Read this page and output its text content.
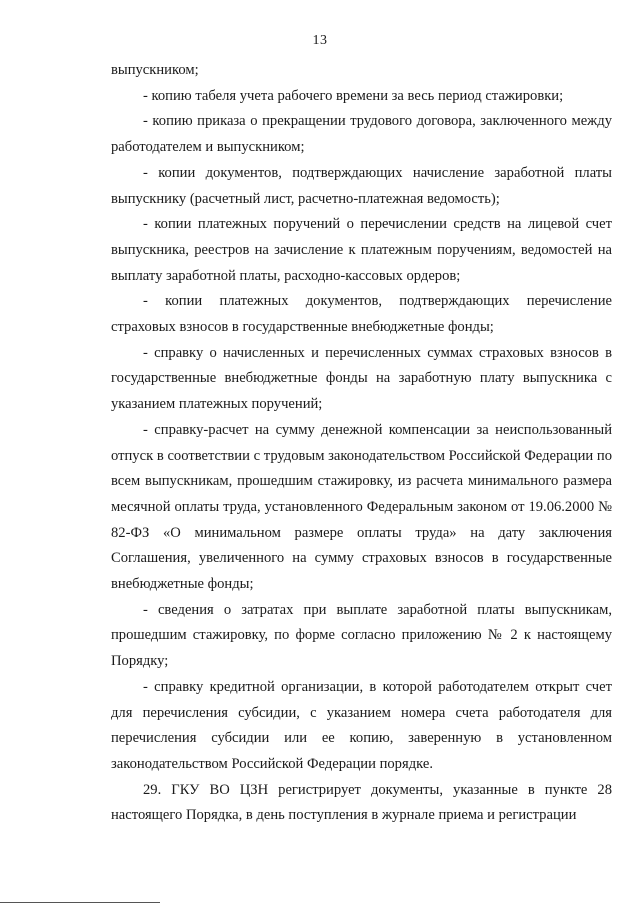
13

выпускником;

- копию табеля учета рабочего времени за весь период стажировки;

- копию приказа о прекращении трудового договора, заключенного между работодателем и выпускником;

- копии документов, подтверждающих начисление заработной платы выпускнику (расчетный лист, расчетно-платежная ведомость);

- копии платежных поручений о перечислении средств на лицевой счет выпускника, реестров на зачисление к платежным поручениям, ведомостей на выплату заработной платы, расходно-кассовых ордеров;

- копии платежных документов, подтверждающих перечисление страховых взносов в государственные внебюджетные фонды;

- справку о начисленных и перечисленных суммах страховых взносов в государственные внебюджетные фонды на заработную плату выпускника с указанием платежных поручений;

- справку-расчет на сумму денежной компенсации за неиспользованный отпуск в соответствии с трудовым законодательством Российской Федерации по всем выпускникам, прошедшим стажировку, из расчета минимального размера месячной оплаты труда, установленного Федеральным законом от 19.06.2000 № 82-ФЗ «О минимальном размере оплаты труда» на дату заключения Соглашения, увеличенного на сумму страховых взносов в государственные внебюджетные фонды;

- сведения о затратах при выплате заработной платы выпускникам, прошедшим стажировку, по форме согласно приложению № 2 к настоящему Порядку;

- справку кредитной организации, в которой работодателем открыт счет для перечисления субсидии, с указанием номера счета работодателя для перечисления субсидии или ее копию, заверенную в установленном законодательством Российской Федерации порядке.

29. ГКУ ВО ЦЗН регистрирует документы, указанные в пункте 28 настоящего Порядка, в день поступления в журнале приема и регистрации
